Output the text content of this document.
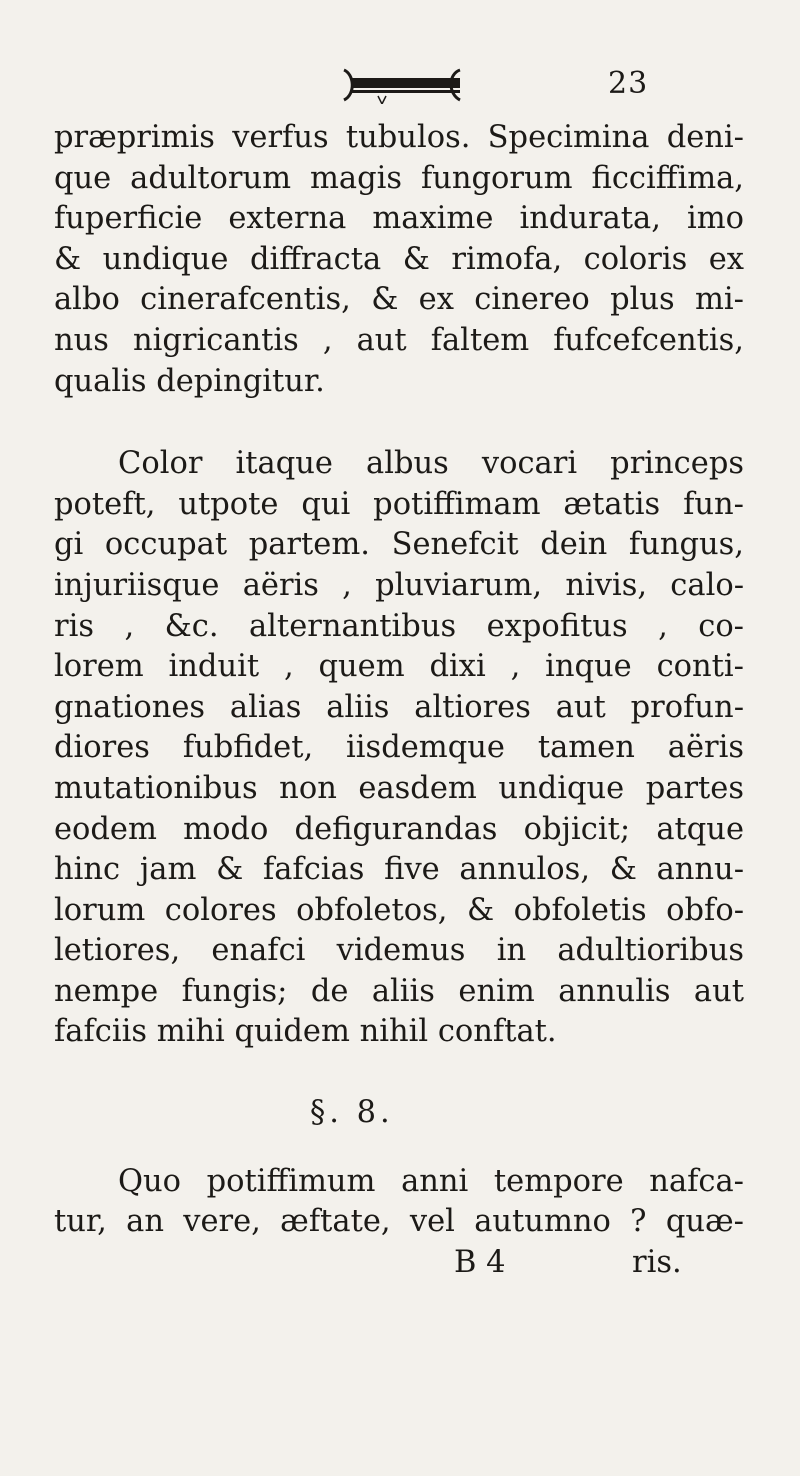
23
præprimis verfus tubulos. Specimina deni-
que adultorum magis fungorum ficciffima,
fuperficie externa maxime indurata, imo
& undique diffracta & rimofa, coloris ex
albo cinerafcentis, & ex cinereo plus mi-
nus nigricantis , aut faltem fufcefcentis,
qualis depingitur.
Color itaque albus vocari princeps
poteft, utpote qui potiffimam ætatis fun-
gi occupat partem. Senefcit dein fungus,
injuriisque aëris , pluviarum, nivis, calo-
ris , &c. alternantibus expofitus , co-
lorem induit , quem dixi , inque conti-
gnationes alias aliis altiores aut profun-
diores fubfidet, iisdemque tamen aëris
mutationibus non easdem undique partes
eodem modo defigurandas objicit; atque
hinc jam & fafcias five annulos, & annu-
lorum colores obfoletos, & obfoletis obfo-
letiores, enafci videmus in adultioribus
nempe fungis; de aliis enim annulis aut
fafciis mihi quidem nihil conftat.
§. 8.
Quo potiffimum anni tempore nafca-
tur, an vere, æftate, vel autumno ? quæ-
B 4	ris.
